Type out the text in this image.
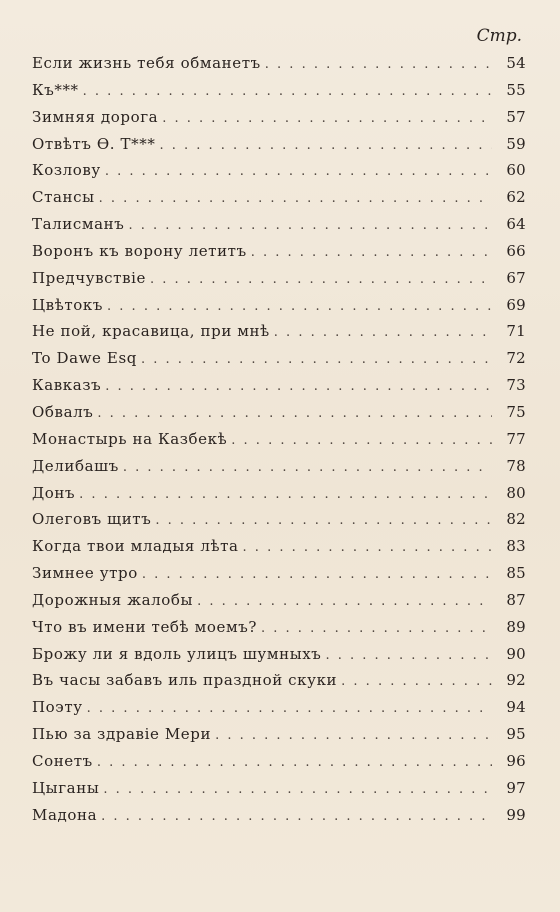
Стр.
Если жизнь тебя обманетъ . . .	54
Къ*** . . .	55
Зимняя дорога . . .	57
Отвѣтъ Ѳ. Т*** . . .	59
Козлову . . .	60
Стансы . . .	62
Талисманъ . . .	64
Воронъ къ ворону летитъ . . .	66
Предчувствіе . . .	67
Цвѣтокъ . . .	69
Не пой, красавица, при мнѣ . . .	71
To Dawe Esq . . .	72
Кавказъ . . .	73
Обвалъ . . .	75
Монастырь на Казбекѣ . . .	77
Делибашъ . . .	78
Донъ . . .	80
Олеговъ щитъ . . .	82
Когда твои младыя лѣта . . .	83
Зимнее утро . . .	85
Дорожныя жалобы . . .	87
Что въ имени тебѣ моемъ? . . .	89
Брожу ли я вдоль улицъ шумныхъ . . .	90
Въ часы забавъ иль праздной скуки . . .	92
Поэту . . .	94
Пью за здравіе Мери . . .	95
Сонетъ . . .	96
Цыганы . . .	97
Мадона . . .	99
